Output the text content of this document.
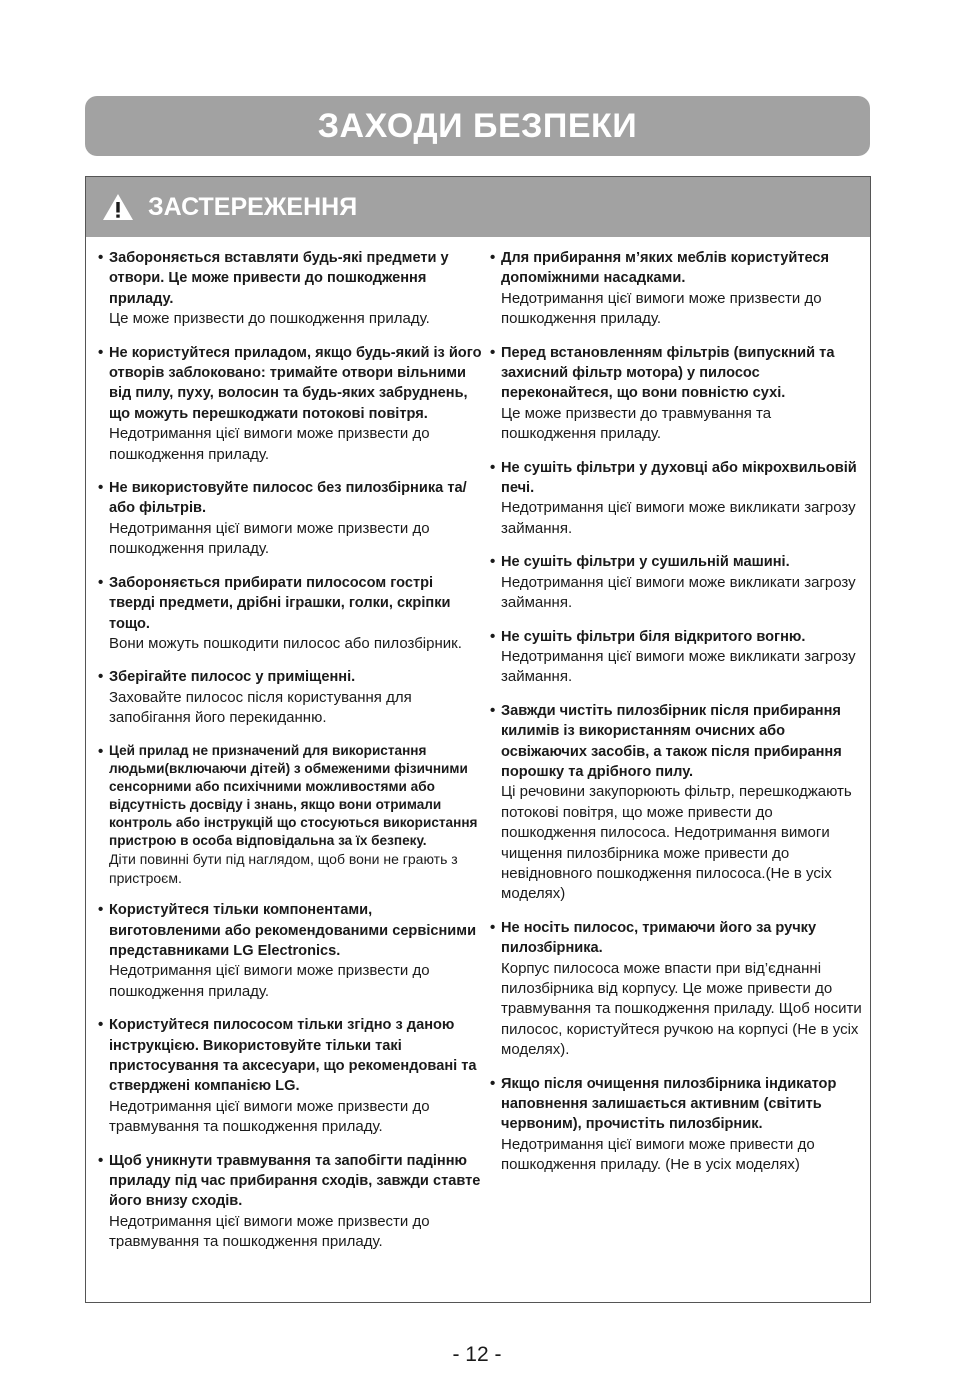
ЗАХОДИ БЕЗПЕКИ
ЗАСТЕРЕЖЕННЯ
• Забороняється вставляти будь-які предмети у отвори. Це може привести до пошкодження приладу.

Це може призвести до пошкодження приладу.

• Не користуйтеся приладом, якщо будь-який із його отворів заблоковано: тримайте отвори вільними від пилу, пуху, волосин та будь-яких забруднень, що можуть перешкоджати потокові повітря.

Недотримання цієї вимоги може призвести до пошкодження приладу.

• Не використовуйте пилосос без пилозбірника та/або фільтрів.

Недотримання цієї вимоги може призвести до пошкодження приладу.

• Забороняється прибирати пилососом гострі тверді предмети, дрібні іграшки, голки, скріпки тощо.

Вони можуть пошкодити пилосос або пилозбірник.

• Зберігайте пилосос у приміщенні.

Заховайте пилосос після користування для запобігання його перекиданню.

• Цей прилад не призначений для використання людьми(включаючи дітей) з обмеженими фізичними сенсорними або психічними можливостями або відсутність досвіду і знань, якщо вони отримали контроль або інструкцій що стосуються використання пристрою в особа відповідальна за їх безпеку.

Діти повинні бути під наглядом, щоб вони не грають з пристроєм.

• Користуйтеся тільки компонентами, виготовленими або рекомендованими сервісними представниками LG Electronics.

Недотримання цієї вимоги може призвести до пошкодження приладу.

• Користуйтеся пилососом тільки згідно з даною інструкцією. Використовуйте тільки такі пристосування та аксесуари, що рекомендовані та стверджені компанією LG.

Недотримання цієї вимоги може призвести до травмування та пошкодження приладу.

• Щоб уникнути травмування та запобігти падінню приладу під час прибирання сходів, завжди ставте його внизу сходів.

Недотримання цієї вимоги може призвести до травмування та пошкодження приладу.

• Для прибирання м’яких меблів користуйтеся допоміжними насадками.

Недотримання цієї вимоги може призвести до пошкодження приладу.

• Перед встановленням фільтрів (випускний та захисний фільтр мотора) у пилосос переконайтеся, що вони повністю сухі.

Це може призвести до травмування та пошкодження приладу.

• Не сушіть фільтри у духовці або мікрохвильовій печі.

Недотримання цієї вимоги може викликати загрозу займання.

• Не сушіть фільтри у сушильній машині.

Недотримання цієї вимоги може викликати загрозу займання.

• Не сушіть фільтри біля відкритого вогню.

Недотримання цієї вимоги може викликати загрозу займання.

• Завжди чистіть пилозбірник після прибирання килимів із використанням очисних або освіжаючих засобів, а також після прибирання порошку та дрібного пилу.

Ці речовини закупорюють фільтр, перешкоджають потокові повітря, що може привести до пошкодження пилососа. Недотримання вимоги чищення пилозбірника може привести до невідновного пошкодження пилососа.(Не в усіх моделях)

• Не носіть пилосос, тримаючи його за ручку пилозбірника.

Корпус пилососа може впасти при від’єднанні пилозбірника від корпусу. Це може привести до травмування та пошкодження приладу. Щоб носити пилосос, користуйтеся ручкою на корпусі (Не в усіх моделях).

• Якщо після очищення пилозбірника індикатор наповнення залишається активним (світить червоним), прочистіть пилозбірник.

Недотримання цієї вимоги може привести до пошкодження приладу. (Не в усіх моделях)

- 12 -
